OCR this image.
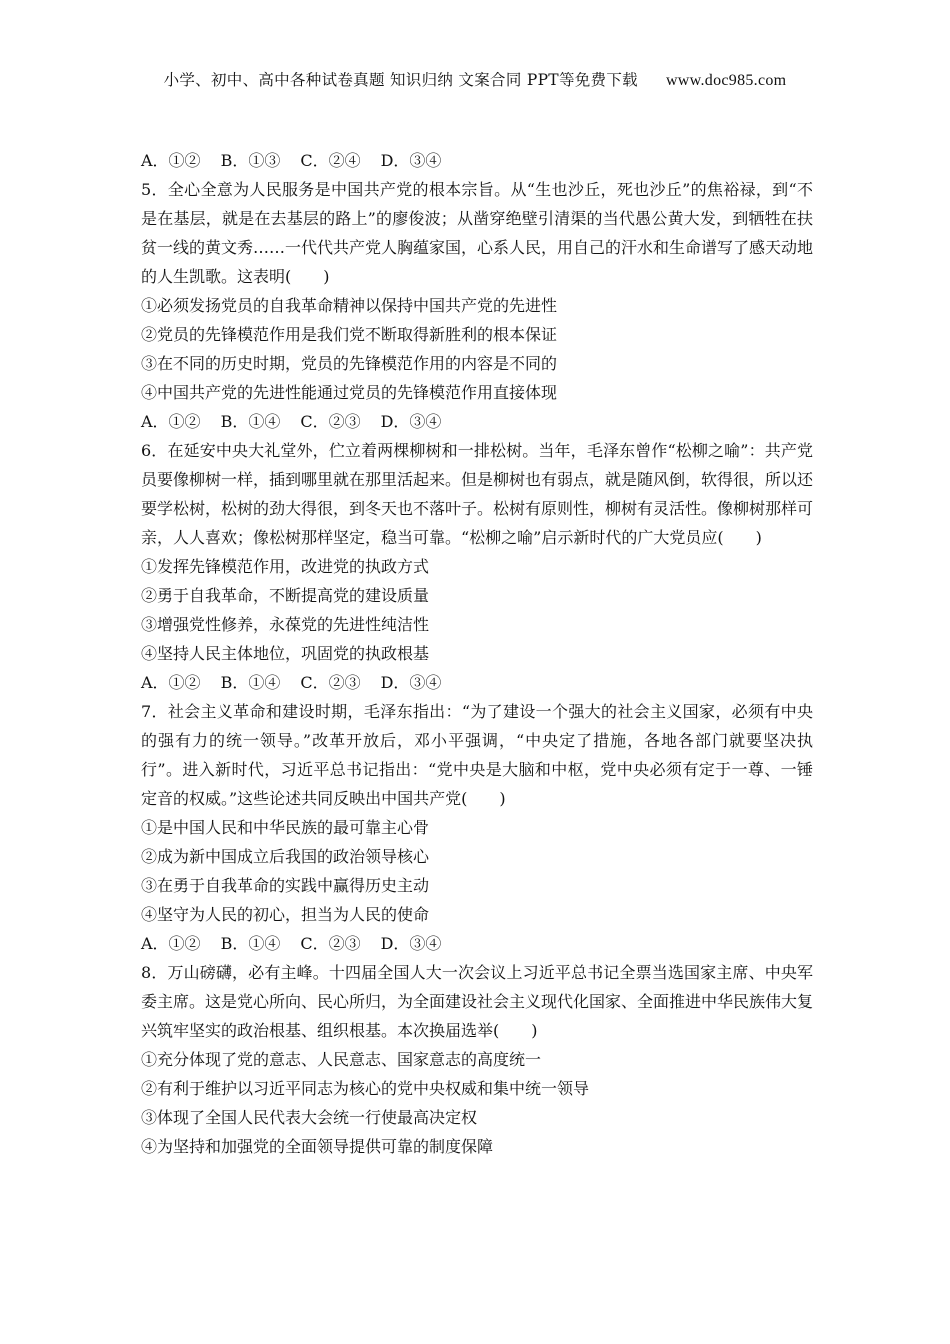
小学、初中、高中各种试卷真题 知识归纳 文案合同 PPT等免费下载 www.doc985.com
A．①② B．①③ C．②④ D．③④
5．全心全意为人民服务是中国共产党的根本宗旨。从“生也沙丘，死也沙丘”的焦裕禄，到“不是在基层，就是在去基层的路上”的廖俊波；从凿穿绝壁引清渠的当代愚公黄大发，到牺牲在扶贫一线的黄文秀……一代代共产党人胸蕴家国，心系人民，用自己的汗水和生命谱写了感天动地的人生凯歌。这表明(　　)
①必须发扬党员的自我革命精神以保持中国共产党的先进性
②党员的先锋模范作用是我们党不断取得新胜利的根本保证
③在不同的历史时期，党员的先锋模范作用的内容是不同的
④中国共产党的先进性能通过党员的先锋模范作用直接体现
A．①② B．①④ C．②③ D．③④
6．在延安中央大礼堂外，伫立着两棵柳树和一排松树。当年，毛泽东曾作“松柳之喻”：共产党员要像柳树一样，插到哪里就在那里活起来。但是柳树也有弱点，就是随风倒，软得很，所以还要学松树，松树的劲大得很，到冬天也不落叶子。松树有原则性，柳树有灵活性。像柳树那样可亲，人人喜欢；像松树那样坚定，稳当可靠。“松柳之喻”启示新时代的广大党员应(　　)
①发挥先锋模范作用，改进党的执政方式
②勇于自我革命，不断提高党的建设质量
③增强党性修养，永葆党的先进性纯洁性
④坚持人民主体地位，巩固党的执政根基
A．①② B．①④ C．②③ D．③④
7．社会主义革命和建设时期，毛泽东指出：“为了建设一个强大的社会主义国家，必须有中央的强有力的统一领导。”改革开放后，邓小平强调，“中央定了措施，各地各部门就要坚决执行”。进入新时代，习近平总书记指出：“党中央是大脑和中枢，党中央必须有定于一尊、一锤定音的权威。”这些论述共同反映出中国共产党(　　)
①是中国人民和中华民族的最可靠主心骨
②成为新中国成立后我国的政治领导核心
③在勇于自我革命的实践中赢得历史主动
④坚守为人民的初心，担当为人民的使命
A．①② B．①④ C．②③ D．③④
8．万山磅礴，必有主峰。十四届全国人大一次会议上习近平总书记全票当选国家主席、中央军委主席。这是党心所向、民心所归，为全面建设社会主义现代化国家、全面推进中华民族伟大复兴筑牢坚实的政治根基、组织根基。本次换届选举(　　)
①充分体现了党的意志、人民意志、国家意志的高度统一
②有利于维护以习近平同志为核心的党中央权威和集中统一领导
③体现了全国人民代表大会统一行使最高决定权
④为坚持和加强党的全面领导提供可靠的制度保障
